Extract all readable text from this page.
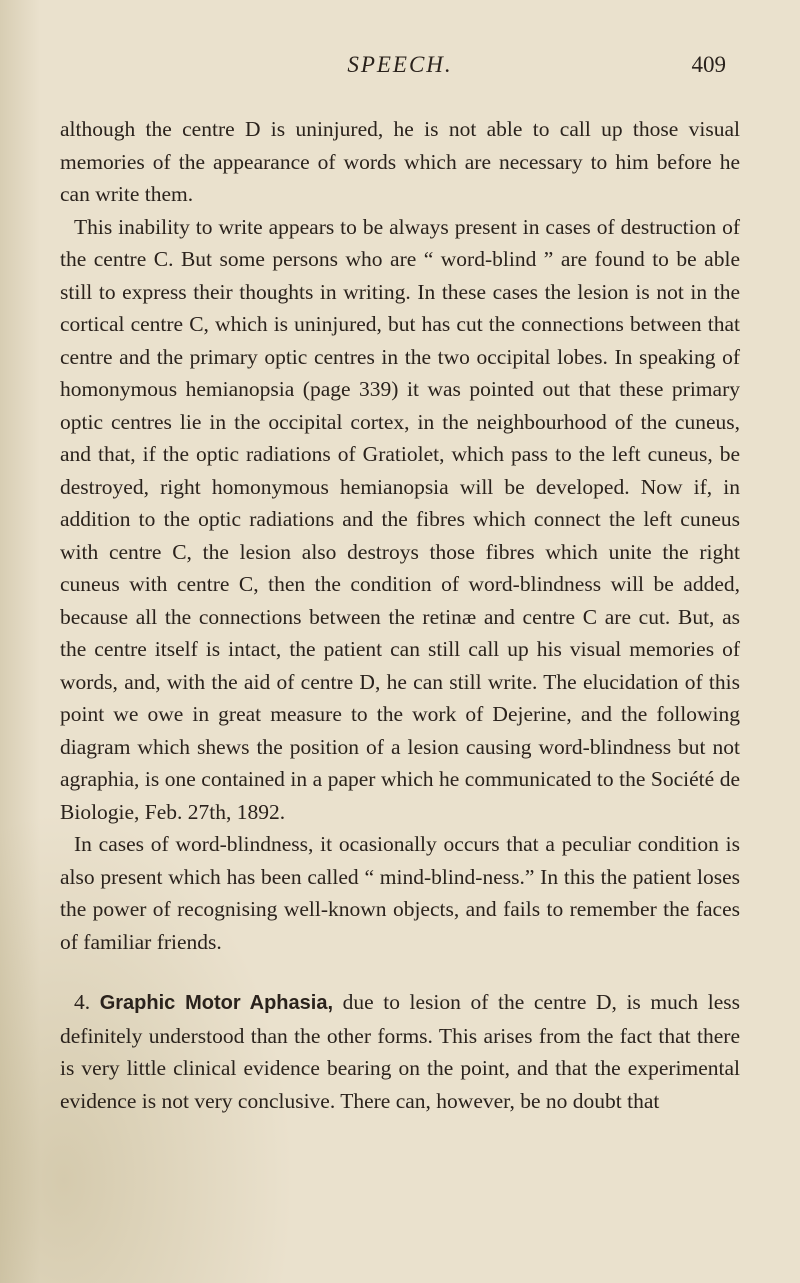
SPEECH.	409

although the centre D is uninjured, he is not able to call up those visual memories of the appearance of words which are necessary to him before he can write them.

This inability to write appears to be always present in cases of destruction of the centre C. But some persons who are “ word-blind ” are found to be able still to express their thoughts in writing. In these cases the lesion is not in the cortical centre C, which is uninjured, but has cut the connections between that centre and the primary optic centres in the two occipital lobes. In speaking of homonymous hemianopsia (page 339) it was pointed out that these primary optic centres lie in the occipital cortex, in the neighbourhood of the cuneus, and that, if the optic radiations of Gratiolet, which pass to the left cuneus, be destroyed, right homonymous hemianopsia will be developed. Now if, in addition to the optic radiations and the fibres which connect the left cuneus with centre C, the lesion also destroys those fibres which unite the right cuneus with centre C, then the condition of word-blindness will be added, because all the connections between the retinæ and centre C are cut. But, as the centre itself is intact, the patient can still call up his visual memories of words, and, with the aid of centre D, he can still write. The elucidation of this point we owe in great measure to the work of Dejerine, and the following diagram which shews the position of a lesion causing word-blindness but not agraphia, is one contained in a paper which he communicated to the Société de Biologie, Feb. 27th, 1892.

In cases of word-blindness, it ocasionally occurs that a peculiar condition is also present which has been called “ mind-blind-ness.” In this the patient loses the power of recognising well-known objects, and fails to remember the faces of familiar friends.

4. Graphic Motor Aphasia, due to lesion of the centre D, is much less definitely understood than the other forms. This arises from the fact that there is very little clinical evidence bearing on the point, and that the experimental evidence is not very conclusive. There can, however, be no doubt that
